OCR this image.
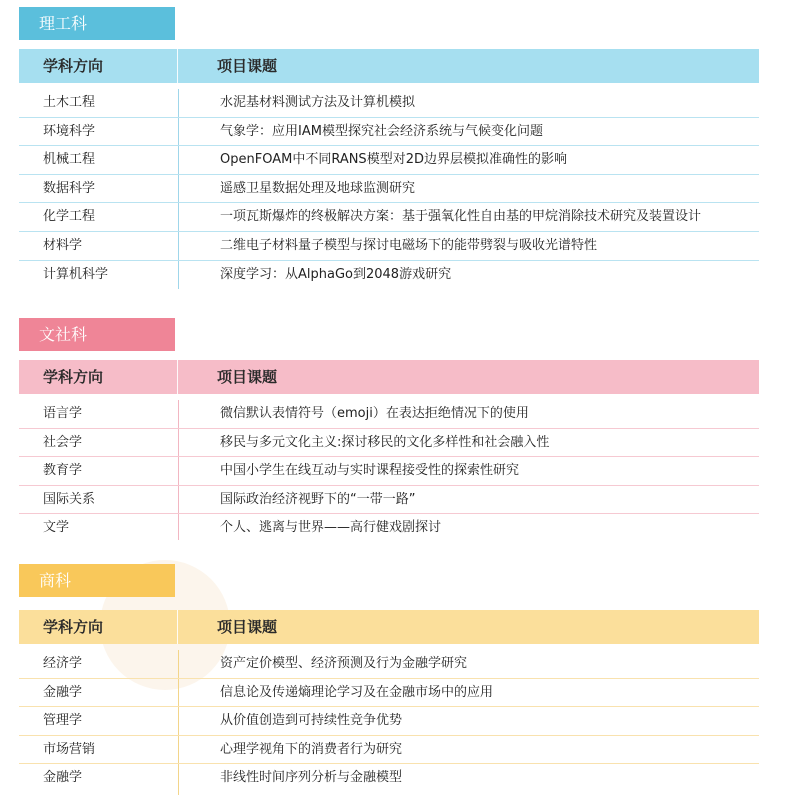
理工科
学科方向	项目课题
土木工程	水泥基材料测试方法及计算机模拟
环境科学	气象学：应用IAM模型探究社会经济系统与气候变化问题
机械工程	OpenFOAM中不同RANS模型对2D边界层模拟准确性的影响
数据科学	遥感卫星数据处理及地球监测研究
化学工程	一项瓦斯爆炸的终极解决方案：基于强氧化性自由基的甲烷消除技术研究及装置设计
材料学	二维电子材料量子模型与探讨电磁场下的能带劈裂与吸收光谱特性
计算机科学	深度学习：从AlphaGo到2048游戏研究
文社科
学科方向	项目课题
语言学	微信默认表情符号（emoji）在表达拒绝情况下的使用
社会学	移民与多元文化主义:探讨移民的文化多样性和社会融入性
教育学	中国小学生在线互动与实时课程接受性的探索性研究
国际关系	国际政治经济视野下的“一带一路”
文学	个人、逃离与世界——高行健戏剧探讨
商科
学科方向	项目课题
经济学	资产定价模型、经济预测及行为金融学研究
金融学	信息论及传递熵理论学习及在金融市场中的应用
管理学	从价值创造到可持续性竞争优势
市场营销	心理学视角下的消费者行为研究
金融学	非线性时间序列分析与金融模型
